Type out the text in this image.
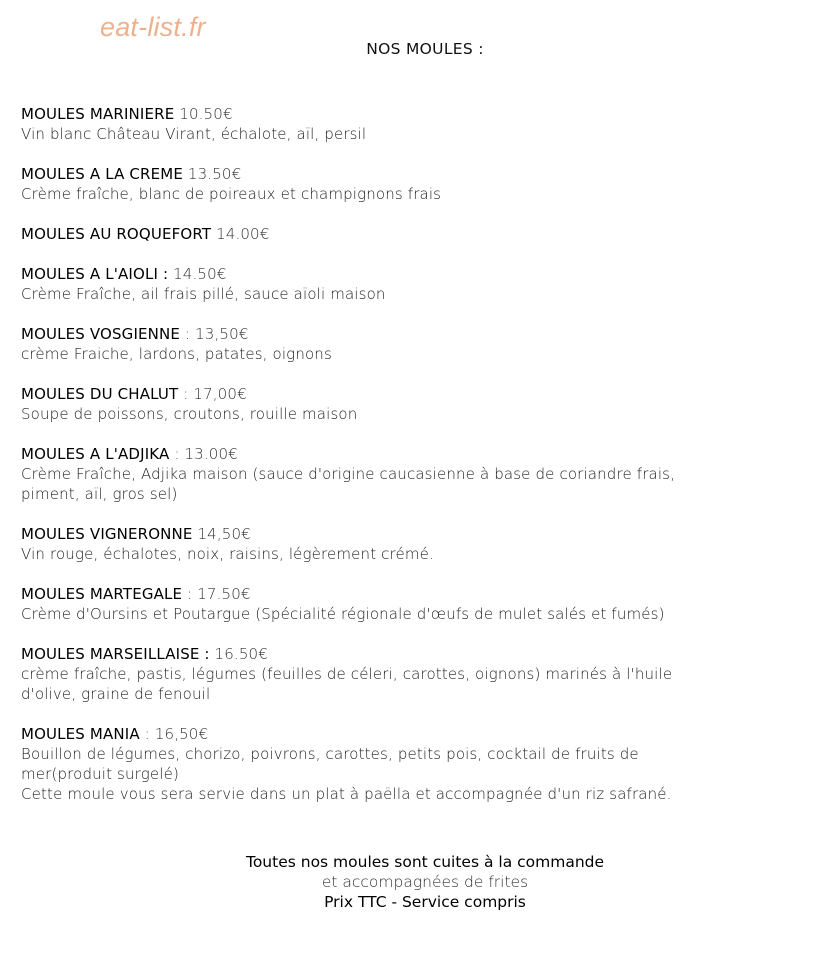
eat-list.fr
NOS MOULES :
MOULES MARINIERE 10.50€
Vin blanc Château Virant, échalote, aïl, persil
MOULES A LA CREME 13.50€
Crème fraîche, blanc de poireaux et champignons frais
MOULES AU ROQUEFORT 14.00€
MOULES A L'AIOLI : 14.50€
Crème Fraîche, ail frais pillé, sauce aïoli maison
MOULES VOSGIENNE : 13,50€
crème Fraiche, lardons, patates, oignons
MOULES DU CHALUT : 17,00€
Soupe de poissons, croutons, rouille maison
MOULES A L'ADJIKA : 13.00€
Crème Fraîche, Adjika maison (sauce d'origine caucasienne à base de coriandre frais,
piment, aïl, gros sel)
MOULES VIGNERONNE 14,50€
Vin rouge, échalotes, noix, raisins, légèrement crémé.
MOULES MARTEGALE : 17.50€
Crème d'Oursins et Poutargue (Spécialité régionale d'œufs de mulet salés et fumés)
MOULES MARSEILLAISE : 16.50€
crème fraîche, pastis, légumes (feuilles de céleri, carottes, oignons) marinés à l'huile
d'olive, graine de fenouil
MOULES MANIA : 16,50€
Bouillon de légumes, chorizo, poivrons, carottes, petits pois, cocktail de fruits de
mer(produit surgelé)
Cette moule vous sera servie dans un plat à paëlla et accompagnée d'un riz safrané.
Toutes nos moules sont cuites à la commande
et accompagnées de frites
Prix TTC - Service compris
